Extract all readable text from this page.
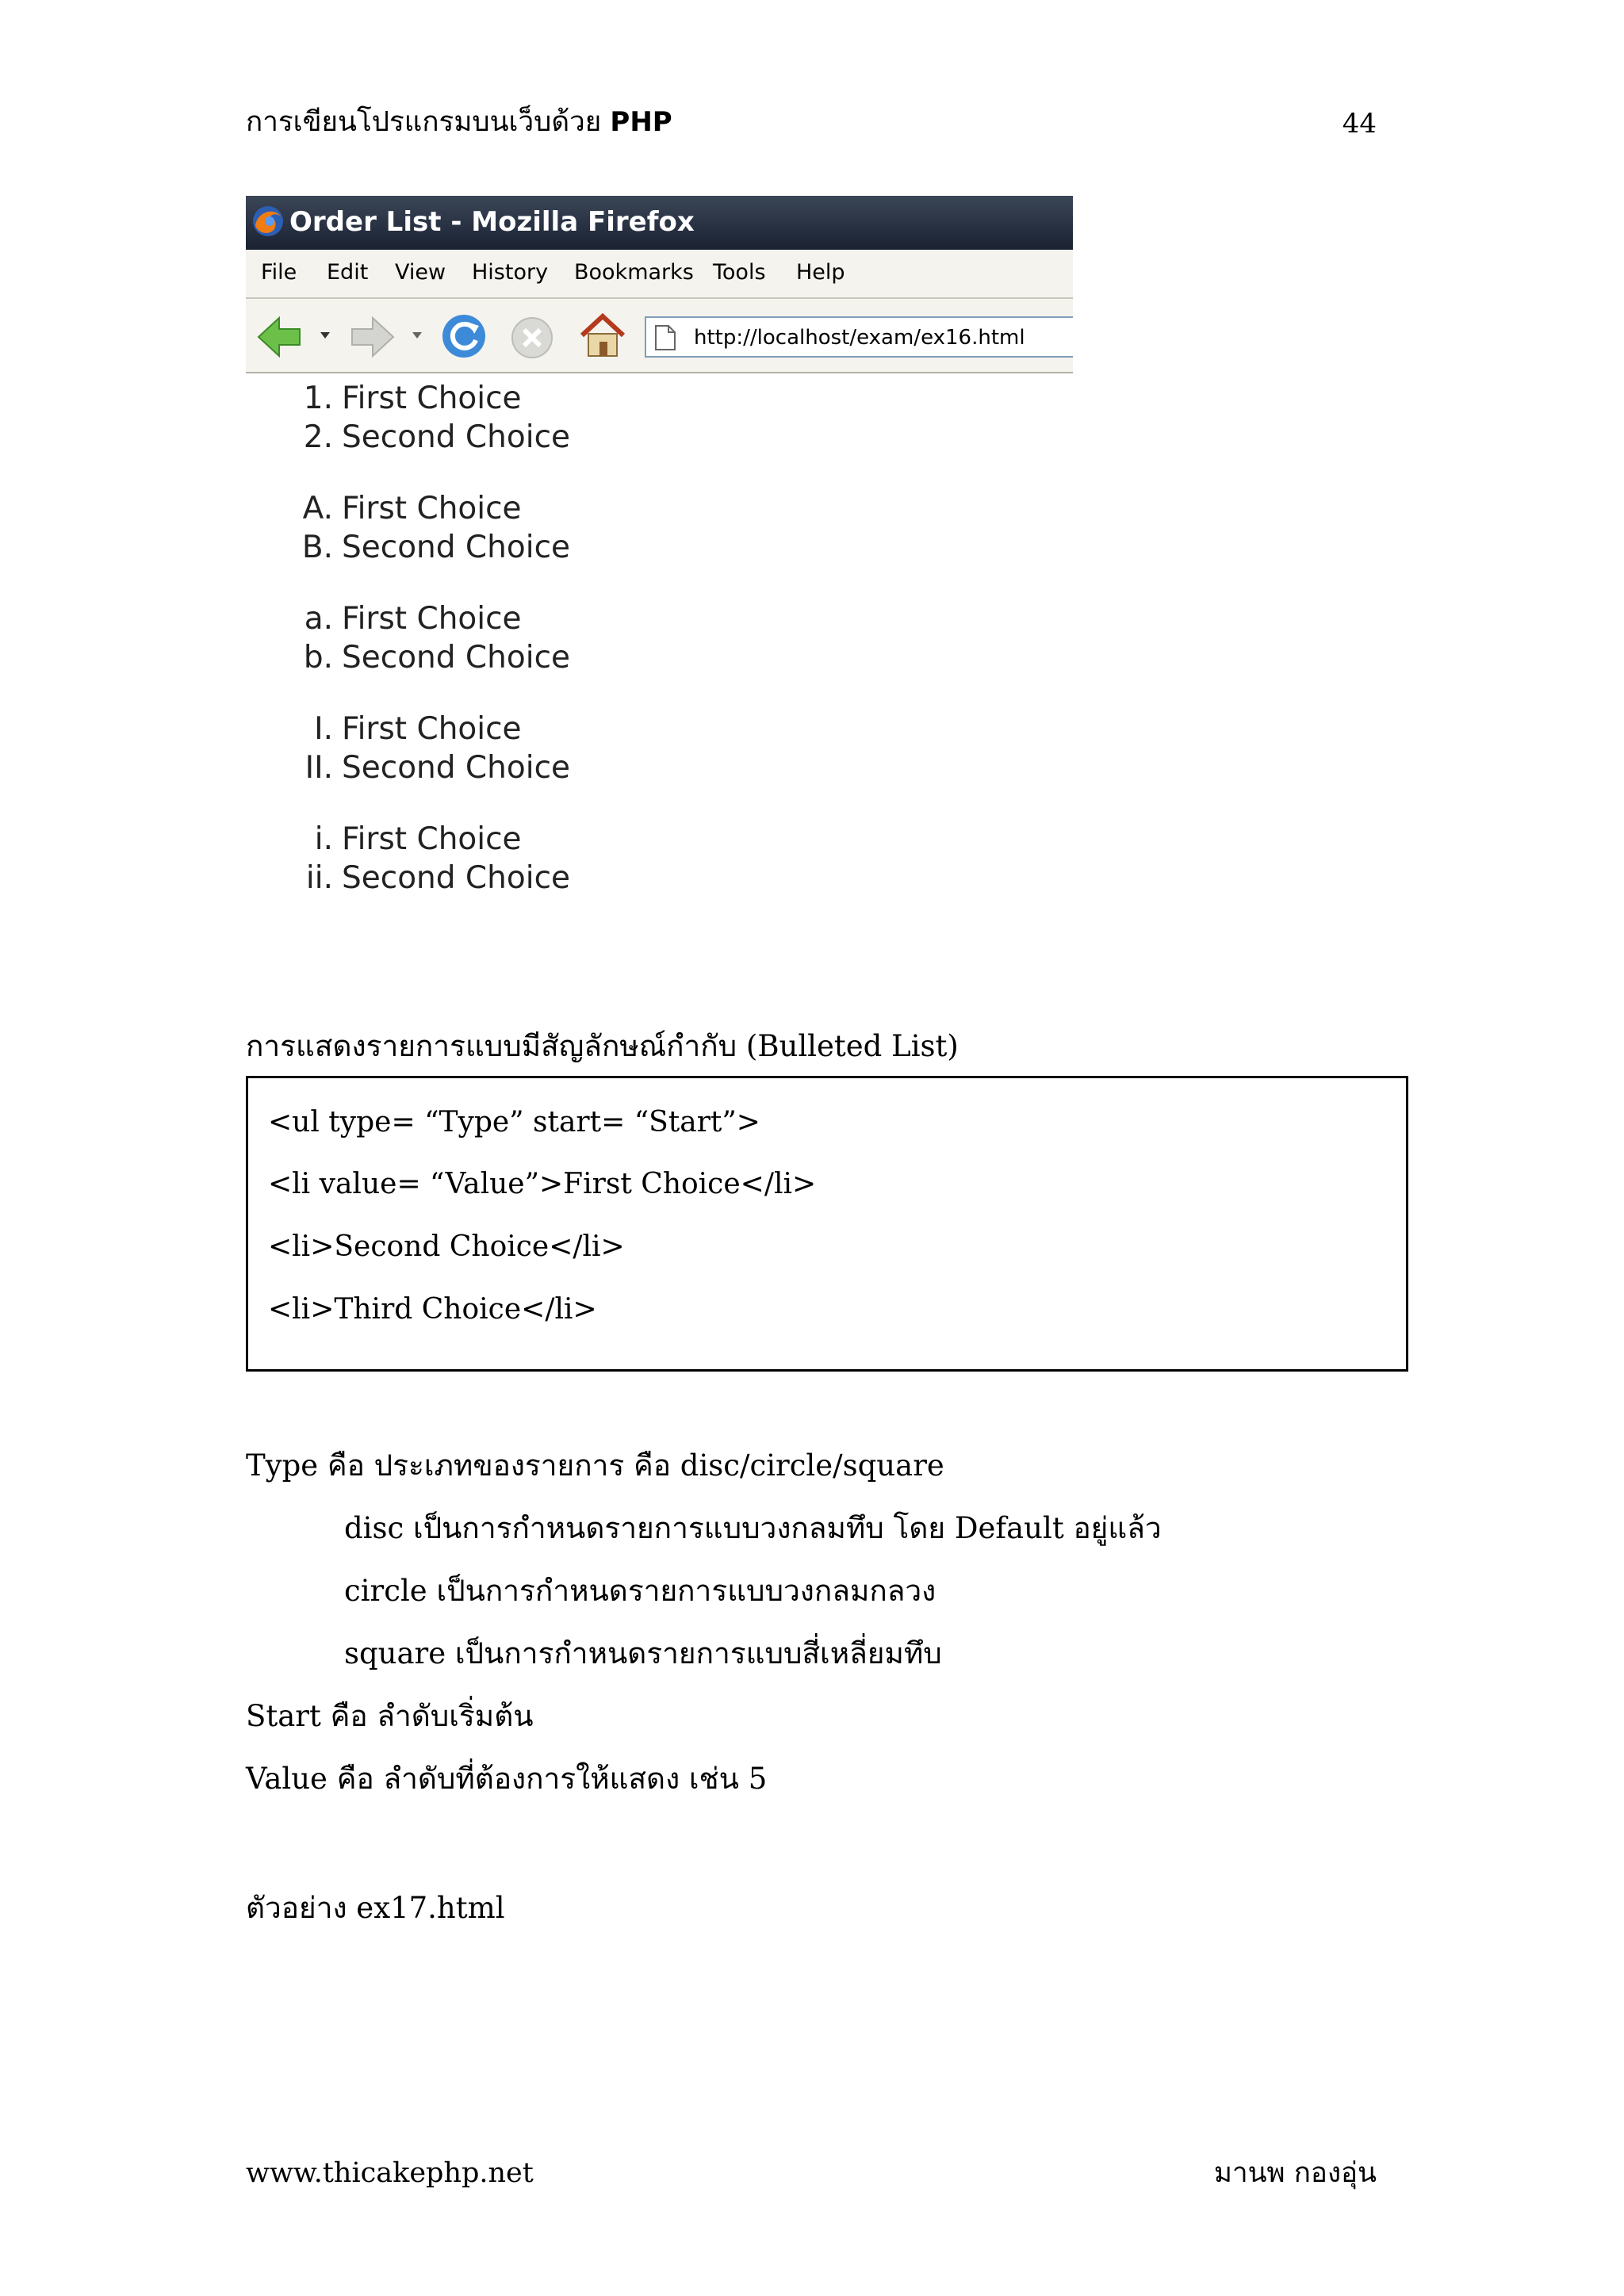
การเขียนโปรแกรมบนเว็บด้วย PHP	44
Order List - Mozilla Firefox
File Edit View History Bookmarks Tools Help
http://localhost/exam/ex16.html
1. First Choice
2. Second Choice
A. First Choice
B. Second Choice
a. First Choice
b. Second Choice
I. First Choice
II. Second Choice
i. First Choice
ii. Second Choice
การแสดงรายการแบบมีสัญลักษณ์กำกับ (Bulleted List)
<ul type= “Type” start= “Start”>
<li value= “Value”>First Choice</li>
<li>Second Choice</li>
<li>Third Choice</li>
Type คือ ประเภทของรายการ คือ disc/circle/square
disc เป็นการกำหนดรายการแบบวงกลมทึบ โดย Default อยู่แล้ว
circle เป็นการกำหนดรายการแบบวงกลมกลวง
square เป็นการกำหนดรายการแบบสี่เหลี่ยมทึบ
Start คือ ลำดับเริ่มต้น
Value คือ ลำดับที่ต้องการให้แสดง เช่น 5
ตัวอย่าง ex17.html
www.thicakephp.net	มานพ กองอุ่น
